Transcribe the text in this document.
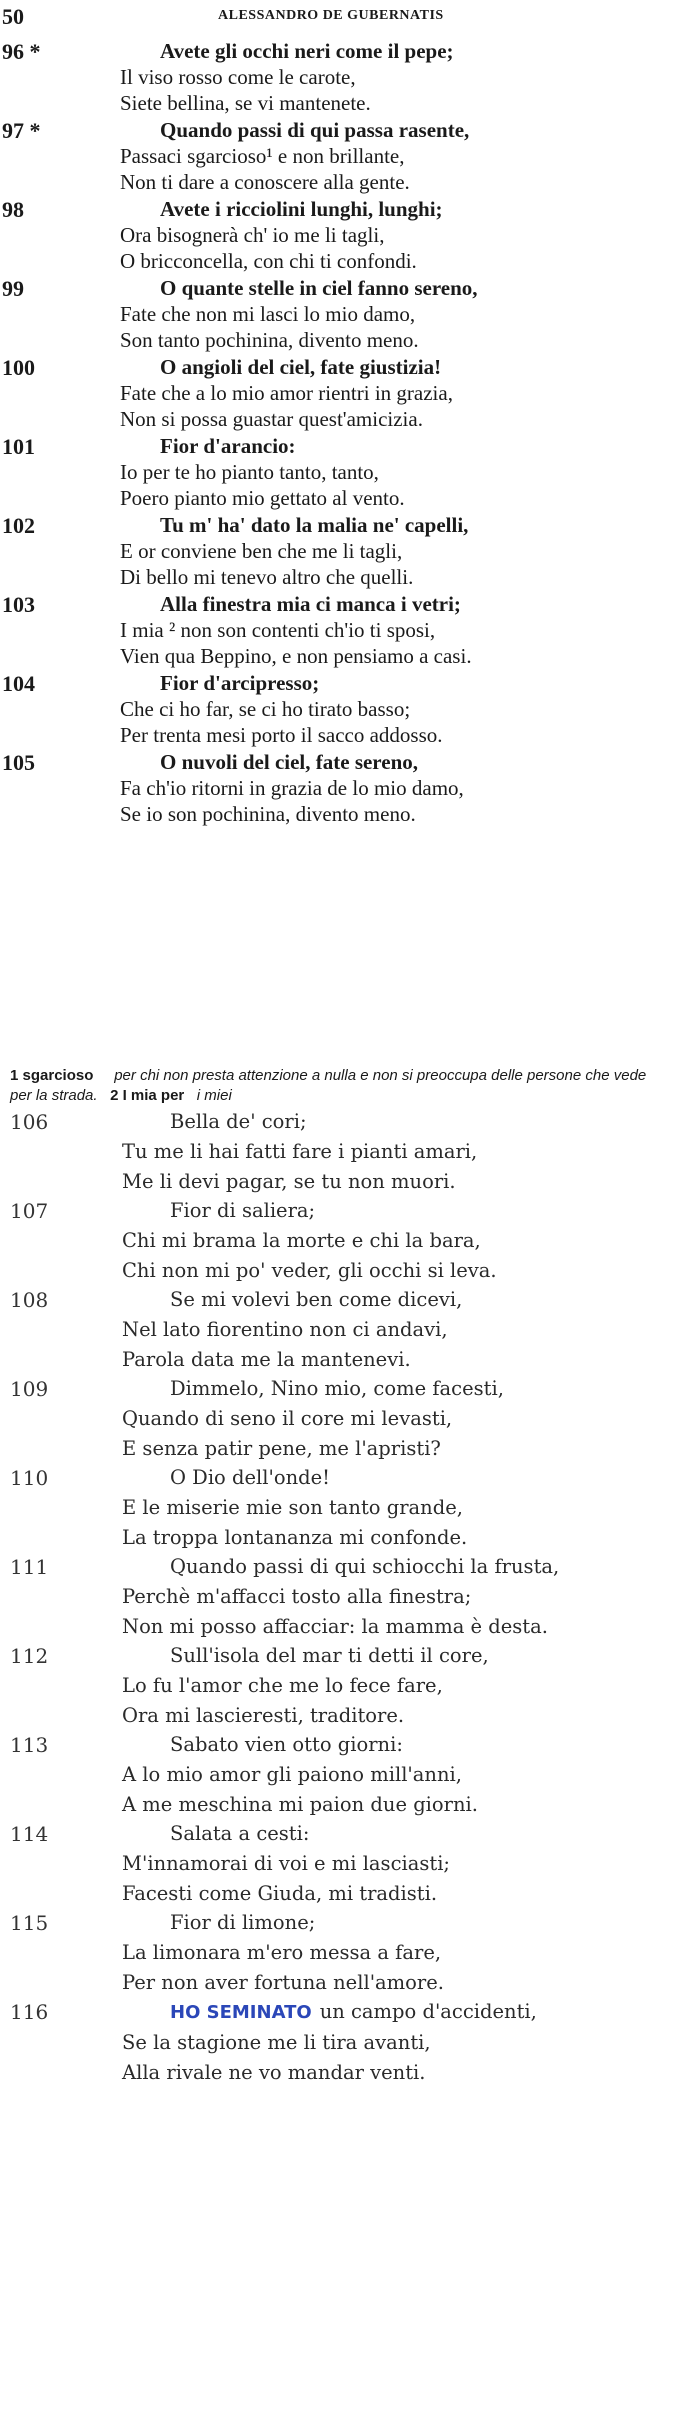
50	ALESSANDRO DE GUBERNATIS
96 *	Avete gli occhi neri come il pepe;
Il viso rosso come le carote,
Siete bellina, se vi mantenete.
97 *	Quando passi di qui passa rasente,
Passaci sgarcioso¹ e non brillante,
Non ti dare a conoscere alla gente.
98	Avete i ricciolini lunghi, lunghi;
Ora bisognerà ch' io me li tagli,
O bricconcella, con chi ti confondi.
99	O quante stelle in ciel fanno sereno,
Fate che non mi lasci lo mio damo,
Son tanto pochinina, divento meno.
100	O angioli del ciel, fate giustizia!
Fate che a lo mio amor rientri in grazia,
Non si possa guastar quest'amicizia.
101	Fior d'arancio:
Io per te ho pianto tanto, tanto,
Poero pianto mio gettato al vento.
102	Tu m' ha' dato la malia ne' capelli,
E or conviene ben che me li tagli,
Di bello mi tenevo altro che quelli.
103	Alla finestra mia ci manca i vetri;
I mia ² non son contenti ch'io ti sposi,
Vien qua Beppino, e non pensiamo a casi.
104	Fior d'arcipresso;
Che ci ho far, se ci ho tirato basso;
Per trenta mesi porto il sacco addosso.
105	O nuvoli del ciel, fate sereno,
Fa ch'io ritorni in grazia de lo mio damo,
Se io son pochinina, divento meno.
1 sgarcioso per chi non presta attenzione a nulla e non si preoccupa delle persone che vede per la strada. 2 I mia per i miei
106	Bella de' cori;
Tu me li hai fatti fare i pianti amari,
Me li devi pagar, se tu non muori.
107	Fior di saliera;
Chi mi brama la morte e chi la bara,
Chi non mi po' veder, gli occhi si leva.
108	Se mi volevi ben come dicevi,
Nel lato fiorentino non ci andavi,
Parola data me la mantenevi.
109	Dimmelo, Nino mio, come facesti,
Quando di seno il core mi levasti,
E senza patir pene, me l'apristi?
110	O Dio dell'onde!
E le miserie mie son tanto grande,
La troppa lontananza mi confonde.
111	Quando passi di qui schiocchi la frusta,
Perchè m'affacci tosto alla finestra;
Non mi posso affacciar: la mamma è desta.
112	Sull'isola del mar ti detti il core,
Lo fu l'amor che me lo fece fare,
Ora mi lascieresti, traditore.
113	Sabato vien otto giorni:
A lo mio amor gli paiono mill'anni,
A me meschina mi paion due giorni.
114	Salata a cesti:
M'innamorai di voi e mi lasciasti;
Facesti come Giuda, mi tradisti.
115	Fior di limone;
La limonara m'ero messa a fare,
Per non aver fortuna nell'amore.
116	HO SEMINATO un campo d'accidenti,
Se la stagione me li tira avanti,
Alla rivale ne vo mandar venti.
